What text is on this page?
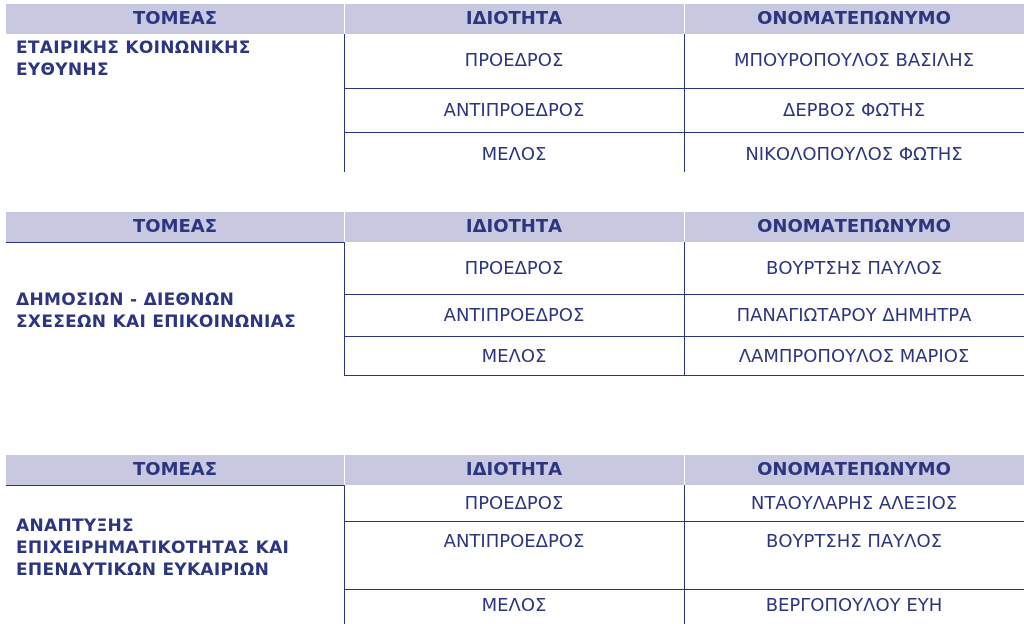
ΤΟΜΕΑΣ	ΙΔΙΟΤΗΤΑ	ΟΝΟΜΑΤΕΠΩΝΥΜΟ
ΕΤΑΙΡΙΚΗΣ ΚΟΙΝΩΝΙΚΗΣ
ΕΥΘΥΝΗΣ	ΠΡΟΕΔΡΟΣ	ΜΠΟΥΡΟΠΟΥΛΟΣ ΒΑΣΙΛΗΣ
ΑΝΤΙΠΡΟΕΔΡΟΣ	ΔΕΡΒΟΣ ΦΩΤΗΣ
ΜΕΛΟΣ	ΝΙΚΟΛΟΠΟΥΛΟΣ ΦΩΤΗΣ
ΤΟΜΕΑΣ	ΙΔΙΟΤΗΤΑ	ΟΝΟΜΑΤΕΠΩΝΥΜΟ
ΔΗΜΟΣΙΩΝ - ΔΙΕΘΝΩΝ
ΣΧΕΣΕΩΝ ΚΑΙ ΕΠΙΚΟΙΝΩΝΙΑΣ
ΠΡΟΕΔΡΟΣ	ΒΟΥΡΤΣΗΣ ΠΑΥΛΟΣ
ΑΝΤΙΠΡΟΕΔΡΟΣ	ΠΑΝΑΓΙΩΤΑΡΟΥ ΔΗΜΗΤΡΑ
ΜΕΛΟΣ	ΛΑΜΠΡΟΠΟΥΛΟΣ ΜΑΡΙΟΣ
ΤΟΜΕΑΣ	ΙΔΙΟΤΗΤΑ	ΟΝΟΜΑΤΕΠΩΝΥΜΟ
ΑΝΑΠΤΥΞΗΣ
ΕΠΙΧΕΙΡΗΜΑΤΙΚΟΤΗΤΑΣ ΚΑΙ
ΕΠΕΝΔΥΤΙΚΩΝ ΕΥΚΑΙΡΙΩΝ
ΠΡΟΕΔΡΟΣ	ΝΤΑΟΥΛΑΡΗΣ ΑΛΕΞΙΟΣ
ΑΝΤΙΠΡΟΕΔΡΟΣ	ΒΟΥΡΤΣΗΣ ΠΑΥΛΟΣ
ΜΕΛΟΣ	ΒΕΡΓΟΠΟΥΛΟΥ ΕΥΗ
